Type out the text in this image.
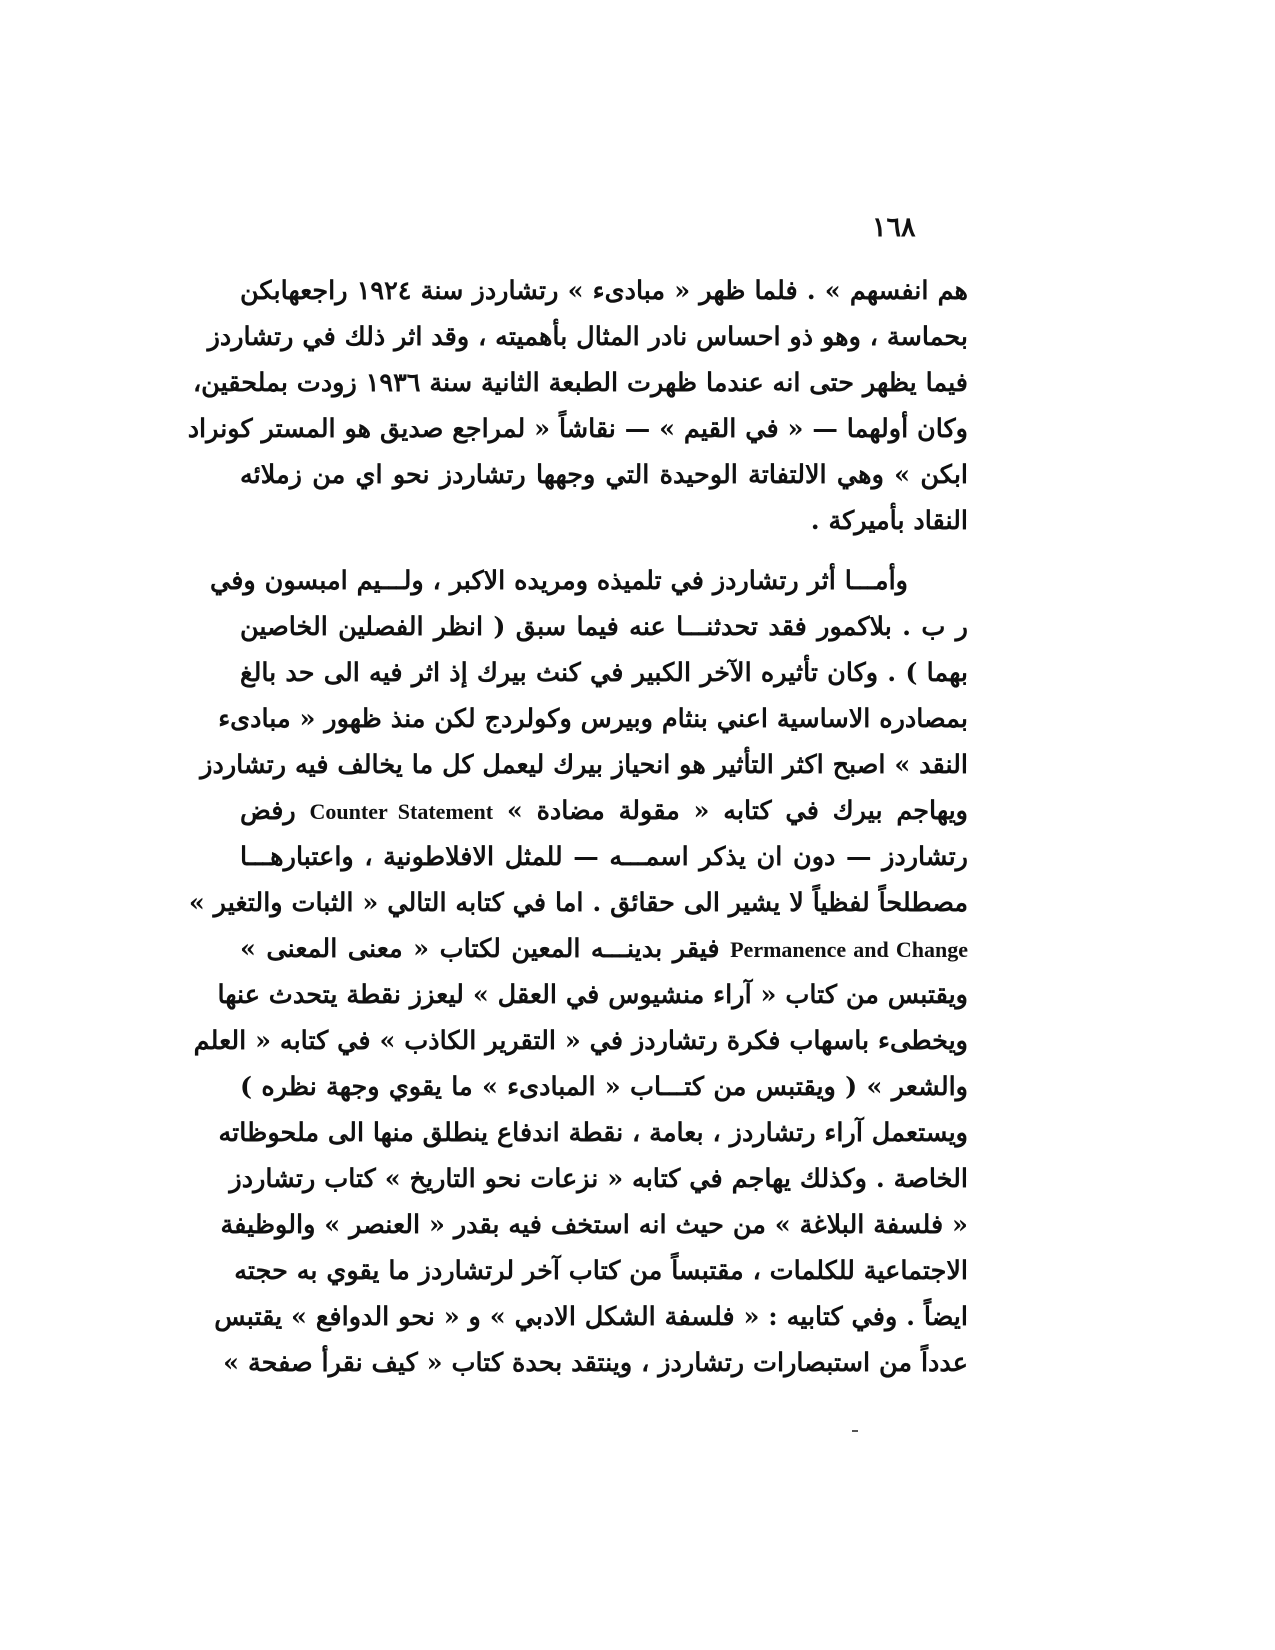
١٦٨
هم انفسهم » . فلما ظهر « مبادىء » رتشاردز سنة ١٩٢٤ راجعهابكن
بحماسة ، وهو ذو احساس نادر المثال بأهميته ، وقد اثر ذلك في رتشاردز
فيما يظهر حتى انه عندما ظهرت الطبعة الثانية سنة ١٩٣٦ زودت بملحقين،
وكان أولهما — « في القيم » — نقاشاً « لمراجع صديق هو المستر كونراد
ابكن » وهي الالتفاتة الوحيدة التي وجهها رتشاردز نحو اي من زملائه
النقاد بأميركة .
وأمـــا أثر رتشاردز في تلميذه ومريده الاكبر ، ولـــيم امبسون وفي
ر ب . بلاكمور فقد تحدثنـــا عنه فيما سبق ( انظر الفصلين الخاصين
بهما ) . وكان تأثيره الآخر الكبير في كنث بيرك إذ اثر فيه الى حد بالغ
بمصادره الاساسية اعني بنثام وبيرس وكولردج لكن منذ ظهور « مبادىء
النقد » اصبح اكثر التأثير هو انحياز بيرك ليعمل كل ما يخالف فيه رتشاردز
ويهاجم بيرك في كتابه « مقولة مضادة » Counter Statement رفض
رتشاردز — دون ان يذكر اسمـــه — للمثل الافلاطونية ، واعتبارهـــا
مصطلحاً لفظياً لا يشير الى حقائق . اما في كتابه التالي « الثبات والتغير »
Permanence and Change فيقر بدينـــه المعين لكتاب « معنى المعنى »
ويقتبس من كتاب « آراء منشيوس في العقل » ليعزز نقطة يتحدث عنها
ويخطىء باسهاب فكرة رتشاردز في « التقرير الكاذب » في كتابه « العلم
والشعر » ( ويقتبس من كتـــاب « المبادىء » ما يقوي وجهة نظره )
ويستعمل آراء رتشاردز ، بعامة ، نقطة اندفاع ينطلق منها الى ملحوظاته
الخاصة . وكذلك يهاجم في كتابه « نزعات نحو التاريخ » كتاب رتشاردز
« فلسفة البلاغة » من حيث انه استخف فيه بقدر « العنصر » والوظيفة
الاجتماعية للكلمات ، مقتبساً من كتاب آخر لرتشاردز ما يقوي به حجته
ايضاً . وفي كتابيه : « فلسفة الشكل الادبي » و « نحو الدوافع » يقتبس
عدداً من استبصارات رتشاردز ، وينتقد بحدة كتاب « كيف نقرأ صفحة »
